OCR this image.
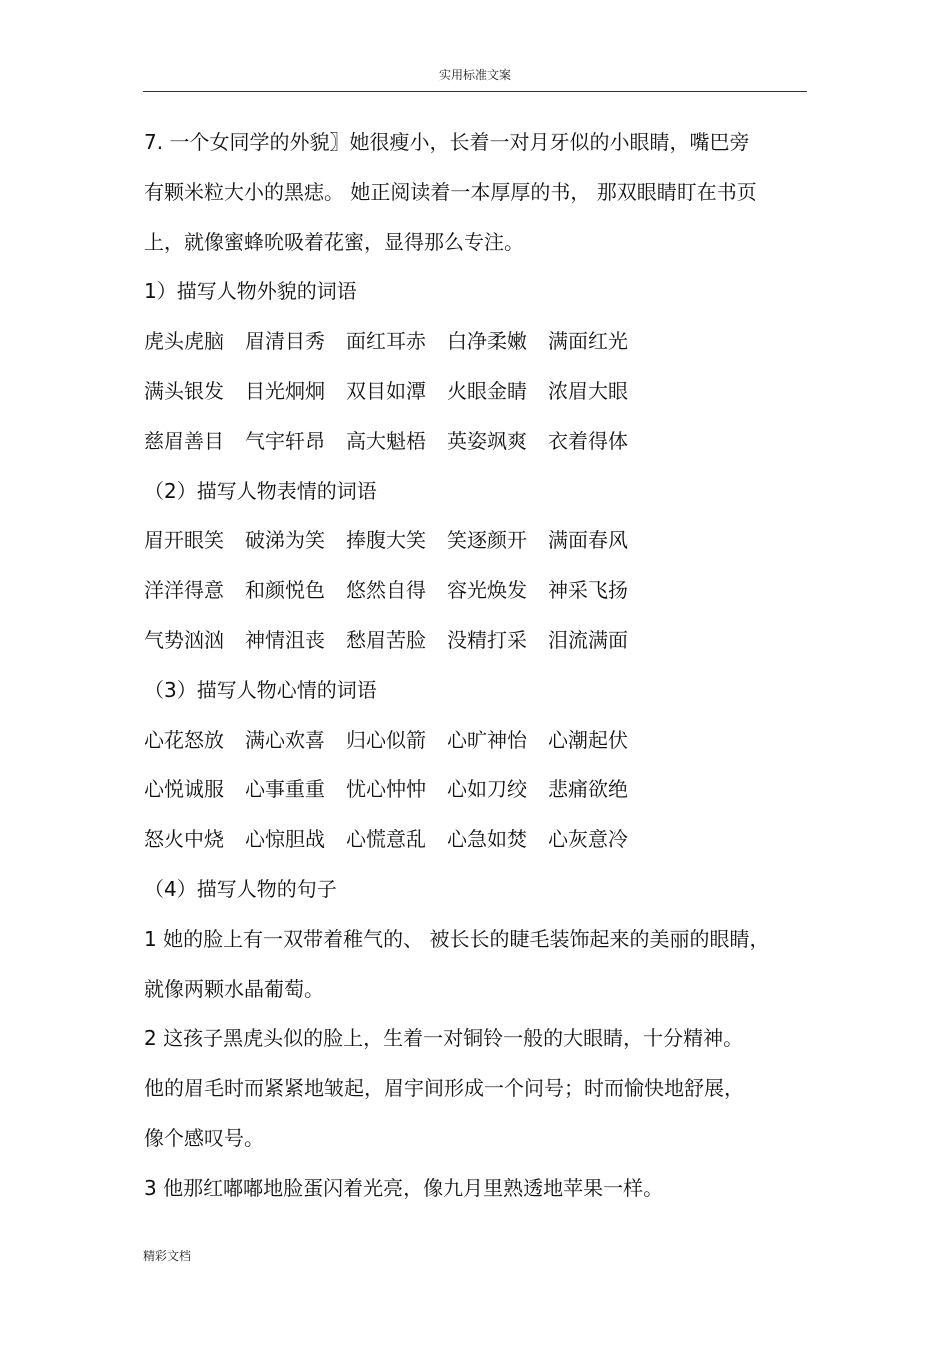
实用标准文案
7. 一个女同学的外貌〗她很瘦小，长着一对月牙似的小眼睛，嘴巴旁
有颗米粒大小的黑痣。 她正阅读着一本厚厚的书， 那双眼睛盯在书页
上，就像蜜蜂吮吸着花蜜，显得那么专注。
1）描写人物外貌的词语
虎头虎脑	眉清目秀	面红耳赤	白净柔嫩	满面红光
满头银发	目光炯炯	双目如潭	火眼金睛	浓眉大眼
慈眉善目	气宇轩昂	高大魁梧	英姿飒爽	衣着得体
（2）描写人物表情的词语
眉开眼笑	破涕为笑	捧腹大笑	笑逐颜开	满面春风
洋洋得意	和颜悦色	悠然自得	容光焕发	神采飞扬
气势汹汹	神情沮丧	愁眉苦脸	没精打采	泪流满面
（3）描写人物心情的词语
心花怒放	满心欢喜	归心似箭	心旷神怡	心潮起伏
心悦诚服	心事重重	忧心忡忡	心如刀绞	悲痛欲绝
怒火中烧	心惊胆战	心慌意乱	心急如焚	心灰意冷
（4）描写人物的句子
1 她的脸上有一双带着稚气的、 被长长的睫毛装饰起来的美丽的眼睛，
就像两颗水晶葡萄。
2 这孩子黑虎头似的脸上，生着一对铜铃一般的大眼睛，十分精神。
他的眉毛时而紧紧地皱起，眉宇间形成一个问号；时而愉快地舒展，
像个感叹号。
3 他那红嘟嘟地脸蛋闪着光亮，像九月里熟透地苹果一样。
精彩文档
